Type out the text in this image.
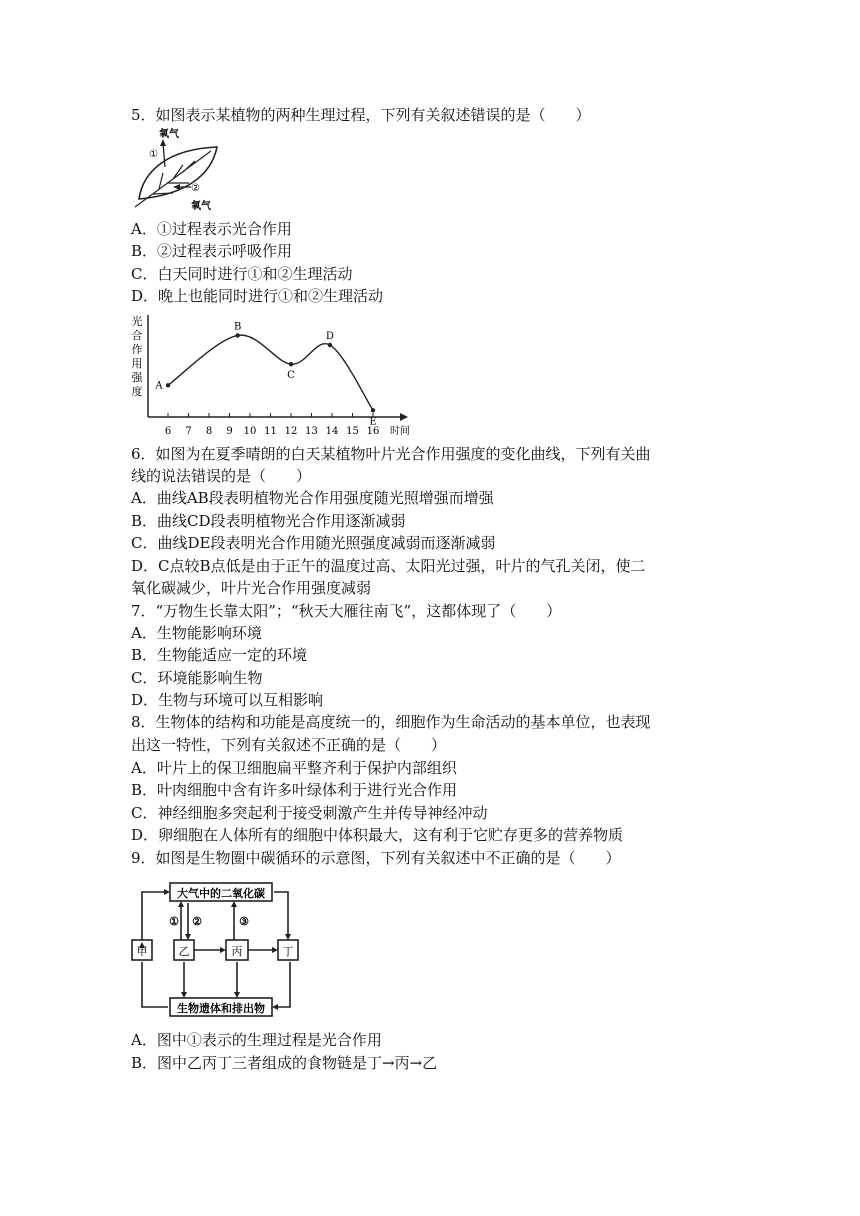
5．如图表示某植物的两种生理过程，下列有关叙述错误的是（　　）
氧气
①
②
氧气
A．①过程表示光合作用
B．②过程表示呼吸作用
C．白天同时进行①和②生理活动
D．晚上也能同时进行①和②生理活动
光
合
作
用
强
度
6 7 8 9 10 11 12 13 14 15 16 时间
A
B
C
D
E
6．如图为在夏季晴朗的白天某植物叶片光合作用强度的变化曲线，下列有关曲
线的说法错误的是（　　）
A．曲线AB段表明植物光合作用强度随光照增强而增强
B．曲线CD段表明植物光合作用逐渐减弱
C．曲线DE段表明光合作用随光照强度减弱而逐渐减弱
D．C点较B点低是由于正午的温度过高、太阳光过强，叶片的气孔关闭，使二
氧化碳减少，叶片光合作用强度减弱
7．“万物生长靠太阳”；“秋天大雁往南飞”，这都体现了（　　）
A．生物能影响环境
B．生物能适应一定的环境
C．环境能影响生物
D．生物与环境可以互相影响
8．生物体的结构和功能是高度统一的，细胞作为生命活动的基本单位，也表现
出这一特性，下列有关叙述不正确的是（　　）
A．叶片上的保卫细胞扁平整齐利于保护内部组织
B．叶肉细胞中含有许多叶绿体利于进行光合作用
C．神经细胞多突起利于接受刺激产生并传导神经冲动
D．卵细胞在人体所有的细胞中体积最大，这有利于它贮存更多的营养物质
9．如图是生物圈中碳循环的示意图，下列有关叙述中不正确的是（　　）
大气中的二氧化碳
生物遗体和排出物
甲	乙	丙	丁
① ②	③
A．图中①表示的生理过程是光合作用
B．图中乙丙丁三者组成的食物链是丁→丙→乙
